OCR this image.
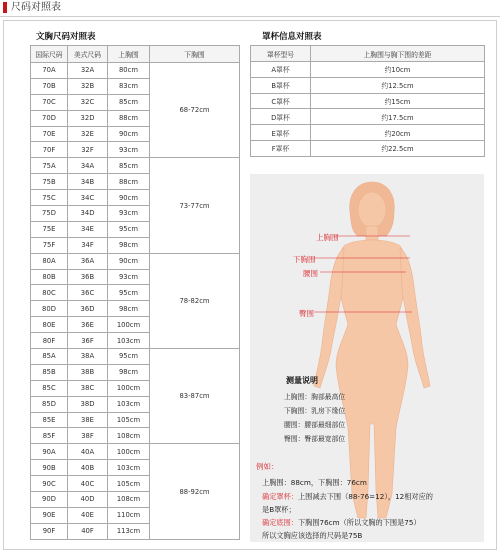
尺码对照表
文胸尺码对照表
国际尺码	美式尺码	上胸围	下胸围
70A	32A	80cm	68-72cm
70B	32B	83cm	
70C	32C	85cm	
70D	32D	88cm	
70E	32E	90cm	
70F	32F	93cm	
75A	34A	85cm	73-77cm
75B	34B	88cm	
75C	34C	90cm	
75D	34D	93cm	
75E	34E	95cm	
75F	34F	98cm	
80A	36A	90cm	78-82cm
80B	36B	93cm	
80C	36C	95cm	
80D	36D	98cm	
80E	36E	100cm	
80F	36F	103cm	
85A	38A	95cm	83-87cm
85B	38B	98cm	
85C	38C	100cm	
85D	38D	103cm	
85E	38E	105cm	
85F	38F	108cm	
90A	40A	100cm	88-92cm
90B	40B	103cm	
90C	40C	105cm	
90D	40D	108cm	
90E	40E	110cm	
90F	40F	113cm	
罩杯信息对照表
罩杯型号	上胸围与胸下围的差距
A罩杯	约10cm
B罩杯	约12.5cm
C罩杯	约15cm
D罩杯	约17.5cm
E罩杯	约20cm
F罩杯	约22.5cm
上胸围
下胸围
腰围
臀围
测量说明
上胸围：胸部最高位
下胸围：乳房下缘位
腰围：腰部最细部位
臀围：臀部最宽部位
例如：
上胸围：88cm，下胸围：76cm
确定罩杯：上围减去下围（88-76=12），12相对应的
是B罩杯；
确定底围：下胸围76cm（所以文胸的下围是75）
所以文胸应该选择的尺码是75B
